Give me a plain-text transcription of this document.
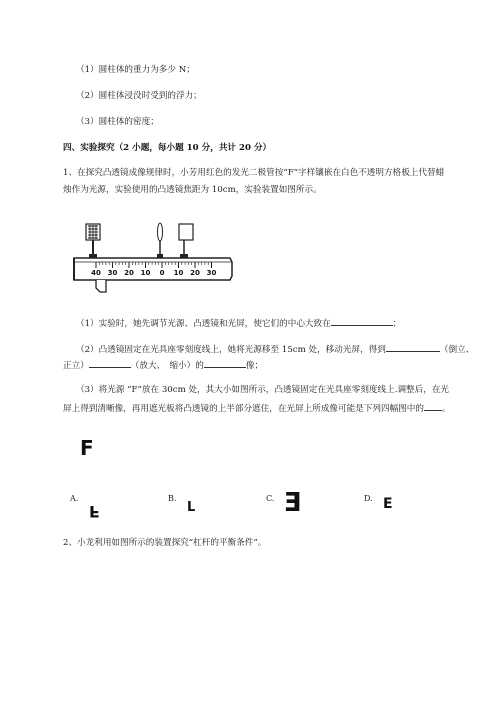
（1）圆柱体的重力为多少 N；
（2）圆柱体浸没时受到的浮力；
（3）圆柱体的密度；
四、实验探究（2 小题，每小题 10 分，共计 20 分）
1、在探究凸透镜成像规律时，小芳用红色的发光二极管按“F”字样镶嵌在白色不透明方格板上代替蜡
烛作为光源，实验使用的凸透镜焦距为 10cm，实验装置如图所示。
40 30 20 10 0 10 20 30
（1）实验时，她先调节光源、凸透镜和光屏，使它们的中心大致在	；
（2）凸透镜固定在光具座零刻度线上，她将光源移至 15cm 处，移动光屏，得到	（倒立、
正立）	（放大、　缩小）的	像；
（3）将光源 “F”放在 30cm 处，其大小如图所示，凸透镜固定在光具座零刻度线上.调整后，在光
屏上得到清晰像，再用遮光板将凸透镜的上半部分遮住，在光屏上所成像可能是下列四幅图中的 。
F
A.
F
B.
L
C. E	D. E
2、小龙利用如图所示的装置探究“杠杆的平衡条件”。
